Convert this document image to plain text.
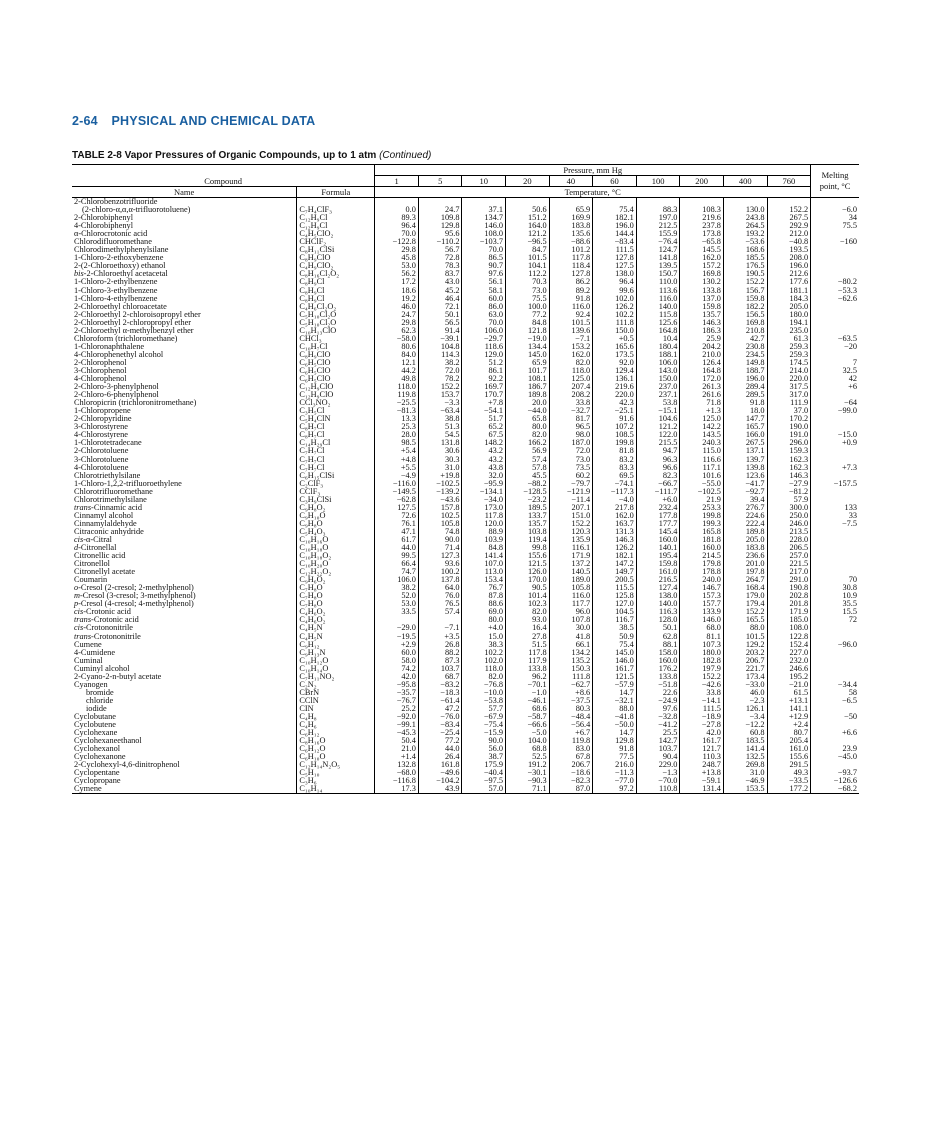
2-64 PHYSICAL AND CHEMICAL DATA
TABLE 2-8 Vapor Pressures of Organic Compounds, up to 1 atm (Continued)
		Pressure, mm Hg										Melting point, °C
Compound		1	5	10	20	40	60	100	200	400	760	
Name	Formula	Temperature, °C										
2-Chlorobenzotrifluoride												
(2-chloro-α,α,α-trifluorotoluene)	C₇H₄ClF₃	0.0	24.7	37.1	50.6	65.9	75.4	88.3	108.3	130.0	152.2	−6.0
2-Chlorobiphenyl	C₁₂H₉Cl	89.3	109.8	134.7	151.2	169.9	182.1	197.0	219.6	243.8	267.5	34
4-Chlorobiphenyl	C₁₂H₉Cl	96.4	129.8	146.0	164.0	183.8	196.0	212.5	237.8	264.5	292.9	75.5
α-Chlorocrotonic acid	C₄H₅ClO₂	70.0	95.6	108.0	121.2	135.6	144.4	155.9	173.8	193.2	212.0	
Chlorodifluoromethane	CHClF₂	−122.8	−110.2	−103.7	−96.5	−88.6	−83.4	−76.4	−65.8	−53.6	−40.8	−160
Chlorodimethylphenylsilane	C₈H₁₁ClSi	29.8	56.7	70.0	84.7	101.2	111.5	124.7	145.5	168.6	193.5	
1-Chloro-2-ethoxybenzene	C₈H₉ClO	45.8	72.8	86.5	101.5	117.8	127.8	141.8	162.0	185.5	208.0	
2-(2-Chloroethoxy) ethanol	C₄H₉ClO₂	53.0	78.3	90.7	104.1	118.4	127.5	139.5	157.2	176.5	196.0	
bis-2-Chloroethyl acetacetal	C₈H₁₆Cl₂O₂	56.2	83.7	97.6	112.2	127.8	138.0	150.7	169.8	190.5	212.6	
1-Chloro-2-ethylbenzene	C₈H₉Cl	17.2	43.0	56.1	70.3	86.2	96.4	110.0	130.2	152.2	177.6	−80.2
1-Chloro-3-ethylbenzene	C₈H₉Cl	18.6	45.2	58.1	73.0	89.2	99.6	113.6	133.8	156.7	181.1	−53.3
1-Chloro-4-ethylbenzene	C₈H₉Cl	19.2	46.4	60.0	75.5	91.8	102.0	116.0	137.0	159.8	184.3	−62.6
2-Chloroethyl chloroacetate	C₄H₆Cl₂O₂	46.0	72.1	86.0	100.0	116.0	126.2	140.0	159.8	182.2	205.0	
2-Chloroethyl 2-chloroisopropyl ether	C₅H₁₀Cl₂O	24.7	50.1	63.0	77.2	92.4	102.2	115.8	135.7	156.5	180.0	
2-Chloroethyl 2-chloropropyl ether	C₅H₁₀Cl₂O	29.8	56.5	70.0	84.8	101.5	111.8	125.6	146.3	169.8	194.1	
2-Chloroethyl α-methylbenzyl ether	C₁₀H₁₃ClO	62.3	91.4	106.0	121.8	139.6	150.0	164.8	186.3	210.8	235.0	
Chloroform (trichloromethane)	CHCl₃	−58.0	−39.1	−29.7	−19.0	−7.1	+0.5	10.4	25.9	42.7	61.3	−63.5
1-Chloronaphthalene	C₁₀H₇Cl	80.6	104.8	118.6	134.4	153.2	165.6	180.4	204.2	230.8	259.3	−20
4-Chlorophenethyl alcohol	C₈H₉ClO	84.0	114.3	129.0	145.0	162.0	173.5	188.1	210.0	234.5	259.3	
2-Chlorophenol	C₆H₅ClO	12.1	38.2	51.2	65.9	82.0	92.0	106.0	126.4	149.8	174.5	7
3-Chlorophenol	C₆H₅ClO	44.2	72.0	86.1	101.7	118.0	129.4	143.0	164.8	188.7	214.0	32.5
4-Chlorophenol	C₆H₅ClO	49.8	78.2	92.2	108.1	125.0	136.1	150.0	172.0	196.0	220.0	42
2-Chloro-3-phenylphenol	C₁₂H₉ClO	118.0	152.2	169.7	186.7	207.4	219.6	237.0	261.3	289.4	317.5	+6
2-Chloro-6-phenylphenol	C₁₂H₉ClO	119.8	153.7	170.7	189.8	208.2	220.0	237.1	261.6	289.5	317.0	
Chloropicrin (trichloronitromethane)	CCl₃NO₂	−25.5	−3.3	+7.8	20.0	33.8	42.3	53.8	71.8	91.8	111.9	−64
1-Chloropropene	C₃H₅Cl	−81.3	−63.4	−54.1	−44.0	−32.7	−25.1	−15.1	+1.3	18.0	37.0	−99.0
2-Chloropyridine	C₅H₄ClN	13.3	38.8	51.7	65.8	81.7	91.6	104.6	125.0	147.7	170.2	
3-Chlorostyrene	C₈H₇Cl	25.3	51.3	65.2	80.0	96.5	107.2	121.2	142.2	165.7	190.0	
4-Chlorostyrene	C₈H₇Cl	28.0	54.5	67.5	82.0	98.0	108.5	122.0	143.5	166.0	191.0	−15.0
1-Chlorotetradecane	C₁₄H₂₉Cl	98.5	131.8	148.2	166.2	187.0	199.8	215.5	240.3	267.5	296.0	+0.9
2-Chlorotoluene	C₇H₇Cl	+5.4	30.6	43.2	56.9	72.0	81.8	94.7	115.0	137.1	159.3	
3-Chlorotoluene	C₇H₇Cl	+4.8	30.3	43.2	57.4	73.0	83.2	96.3	116.6	139.7	162.3	
4-Chlorotoluene	C₇H₇Cl	+5.5	31.0	43.8	57.8	73.5	83.3	96.6	117.1	139.8	162.3	+7.3
Chlorotriethylsilane	C₆H₁₅ClSi	−4.9	+19.8	32.0	45.5	60.2	69.5	82.3	101.6	123.6	146.3	
1-Chloro-1,2,2-trifluoroethylene	C₂ClF₃	−116.0	−102.5	−95.9	−88.2	−79.7	−74.1	−66.7	−55.0	−41.7	−27.9	−157.5
Chlorotrifluoromethane	CClF₃	−149.5	−139.2	−134.1	−128.5	−121.9	−117.3	−111.7	−102.5	−92.7	−81.2	
Chlorotrimethylsilane	C₃H₉ClSi	−62.8	−43.6	−34.0	−23.2	−11.4	−4.0	+6.0	21.9	39.4	57.9	
trans-Cinnamic acid	C₉H₈O₂	127.5	157.8	173.0	189.5	207.1	217.8	232.4	253.3	276.7	300.0	133
Cinnamyl alcohol	C₉H₁₀O	72.6	102.5	117.8	133.7	151.0	162.0	177.8	199.8	224.6	250.0	33
Cinnamylaldehyde	C₉H₈O	76.1	105.8	120.0	135.7	152.2	163.7	177.7	199.3	222.4	246.0	−7.5
Citraconic anhydride	C₅H₄O₃	47.1	74.8	88.9	103.8	120.3	131.3	145.4	165.8	189.8	213.5	
cis-α-Citral	C₁₀H₁₆O	61.7	90.0	103.9	119.4	135.9	146.3	160.0	181.8	205.0	228.0	
d-Citronellal	C₁₀H₁₈O	44.0	71.4	84.8	99.8	116.1	126.2	140.1	160.0	183.8	206.5	
Citronellic acid	C₁₀H₁₈O₂	99.5	127.3	141.4	155.6	171.9	182.1	195.4	214.5	236.6	257.0	
Citronellol	C₁₀H₂₀O	66.4	93.6	107.0	121.5	137.2	147.2	159.8	179.8	201.0	221.5	
Citronellyl acetate	C₁₂H₂₂O₂	74.7	100.2	113.0	126.0	140.5	149.7	161.0	178.8	197.8	217.0	
Coumarin	C₉H₆O₂	106.0	137.8	153.4	170.0	189.0	200.5	216.5	240.0	264.7	291.0	70
o-Cresol (2-cresol; 2-methylphenol)	C₇H₈O	38.2	64.0	76.7	90.5	105.8	115.5	127.4	146.7	168.4	190.8	30.8
m-Cresol (3-cresol; 3-methylphenol)	C₇H₈O	52.0	76.0	87.8	101.4	116.0	125.8	138.0	157.3	179.0	202.8	10.9
p-Cresol (4-cresol; 4-methylphenol)	C₇H₈O	53.0	76.5	88.6	102.3	117.7	127.0	140.0	157.7	179.4	201.8	35.5
cis-Crotonic acid	C₄H₆O₂	33.5	57.4	69.0	82.0	96.0	104.5	116.3	133.9	152.2	171.9	15.5
trans-Crotonic acid	C₄H₆O₂			80.0	93.0	107.8	116.7	128.0	146.0	165.5	185.0	72
cis-Crotononitrile	C₄H₅N	−29.0	−7.1	+4.0	16.4	30.0	38.5	50.1	68.0	88.0	108.0	
trans-Crotononitrile	C₄H₅N	−19.5	+3.5	15.0	27.8	41.8	50.9	62.8	81.1	101.5	122.8	
Cumene	C₉H₁₂	+2.9	26.8	38.3	51.5	66.1	75.4	88.1	107.3	129.2	152.4	−96.0
4-Cumidene	C₉H₁₃N	60.0	88.2	102.2	117.8	134.2	145.0	158.0	180.0	203.2	227.0	
Cuminal	C₁₀H₁₂O	58.0	87.3	102.0	117.9	135.2	146.0	160.0	182.8	206.7	232.0	
Cuminyl alcohol	C₁₀H₁₄O	74.2	103.7	118.0	133.8	150.3	161.7	176.2	197.9	221.7	246.6	
2-Cyano-2-n-butyl acetate	C₇H₁₁NO₂	42.0	68.7	82.0	96.2	111.8	121.5	133.8	152.2	173.4	195.2	
Cyanogen	C₂N₂	−95.8	−83.2	−76.8	−70.1	−62.7	−57.9	−51.8	−42.6	−33.0	−21.0	−34.4
bromide	CBrN	−35.7	−18.3	−10.0	−1.0	+8.6	14.7	22.6	33.8	46.0	61.5	58
chloride	CClN	−76.7	−61.4	−53.8	−46.1	−37.5	−32.1	−24.9	−14.1	−2.3	+13.1	−6.5
iodide	CIN	25.2	47.2	57.7	68.6	80.3	88.0	97.6	111.5	126.1	141.1	
Cyclobutane	C₄H₈	−92.0	−76.0	−67.9	−58.7	−48.4	−41.8	−32.8	−18.9	−3.4	+12.9	−50
Cyclobutene	C₄H₆	−99.1	−83.4	−75.4	−66.6	−56.4	−50.0	−41.2	−27.8	−12.2	+2.4	
Cyclohexane	C₆H₁₂	−45.3	−25.4	−15.9	−5.0	+6.7	14.7	25.5	42.0	60.8	80.7	+6.6
Cyclohexaneethanol	C₈H₁₆O	50.4	77.2	90.0	104.0	119.8	129.8	142.7	161.7	183.5	205.4	
Cyclohexanol	C₆H₁₂O	21.0	44.0	56.0	68.8	83.0	91.8	103.7	121.7	141.4	161.0	23.9
Cyclohexanone	C₆H₁₀O	+1.4	26.4	38.7	52.5	67.8	77.5	90.4	110.3	132.5	155.6	−45.0
2-Cyclohexyl-4,6-dinitrophenol	C₁₂H₁₄N₂O₅	132.8	161.8	175.9	191.2	206.7	216.0	229.0	248.7	269.8	291.5	
Cyclopentane	C₅H₁₀	−68.0	−49.6	−40.4	−30.1	−18.6	−11.3	−1.3	+13.8	31.0	49.3	−93.7
Cyclopropane	C₃H₆	−116.8	−104.2	−97.5	−90.3	−82.3	−77.0	−70.0	−59.1	−46.9	−33.5	−126.6
Cymene	C₁₀H₁₄	17.3	43.9	57.0	71.1	87.0	97.2	110.8	131.4	153.5	177.2	−68.2
